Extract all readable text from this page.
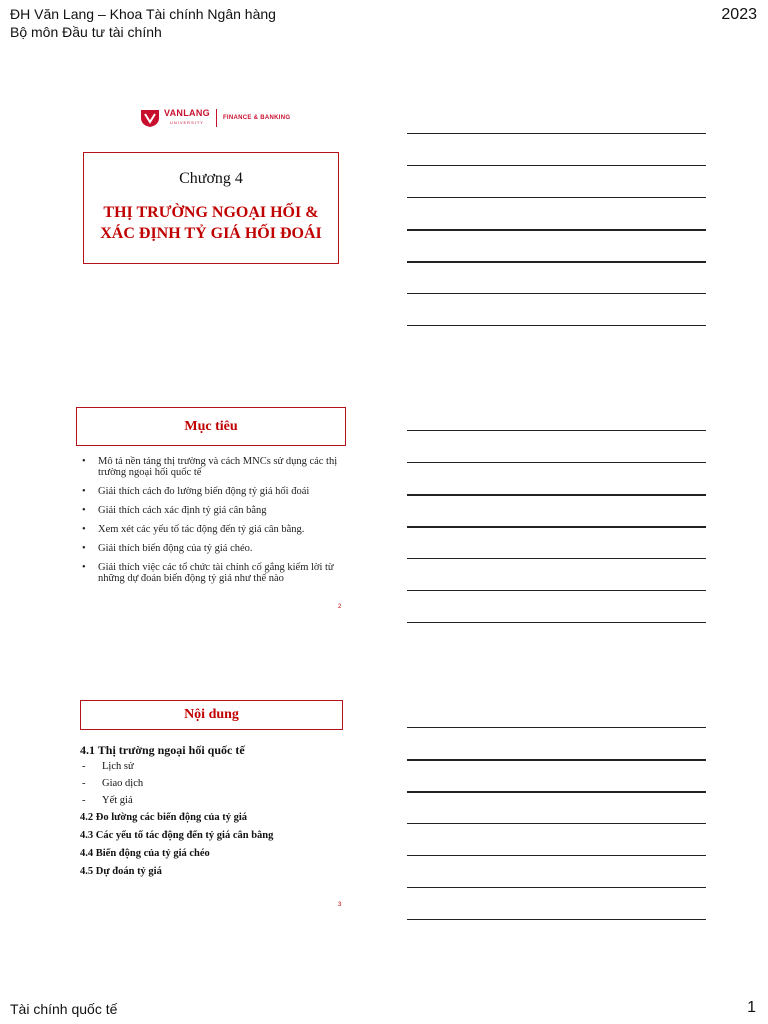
ĐH Văn Lang – Khoa Tài chính Ngân hàng
Bộ môn Đầu tư tài chính
2023
VANLANG
UNIVERSITY
FINANCE & BANKING
Chương 4
THỊ TRƯỜNG NGOẠI HỐI &
XÁC ĐỊNH TỶ GIÁ HỐI ĐOÁI
Mục tiêu
• Mô tả nền tảng thị trường và cách MNCs sử dụng các thị trường ngoại hối quốc tế
• Giải thích cách đo lường biến động tỷ giá hối đoái
• Giải thích cách xác định tỷ giá cân bằng
• Xem xét các yếu tố tác động đến tỷ giá cân bằng.
• Giải thích biến động của tỷ giá chéo.
• Giải thích việc các tổ chức tài chính cố gắng kiếm lời từ những dự đoán biến động tỷ giá như thế nào
2
Nội dung
4.1 Thị trường ngoại hối quốc tế
- Lịch sử
- Giao dịch
- Yết giá
4.2 Đo lường các biến động của tỷ giá
4.3 Các yếu tố tác động đến tỷ giá cân bằng
4.4 Biến động của tỷ giá chéo
4.5 Dự đoán tỷ giá
3
Tài chính quốc tế	1
